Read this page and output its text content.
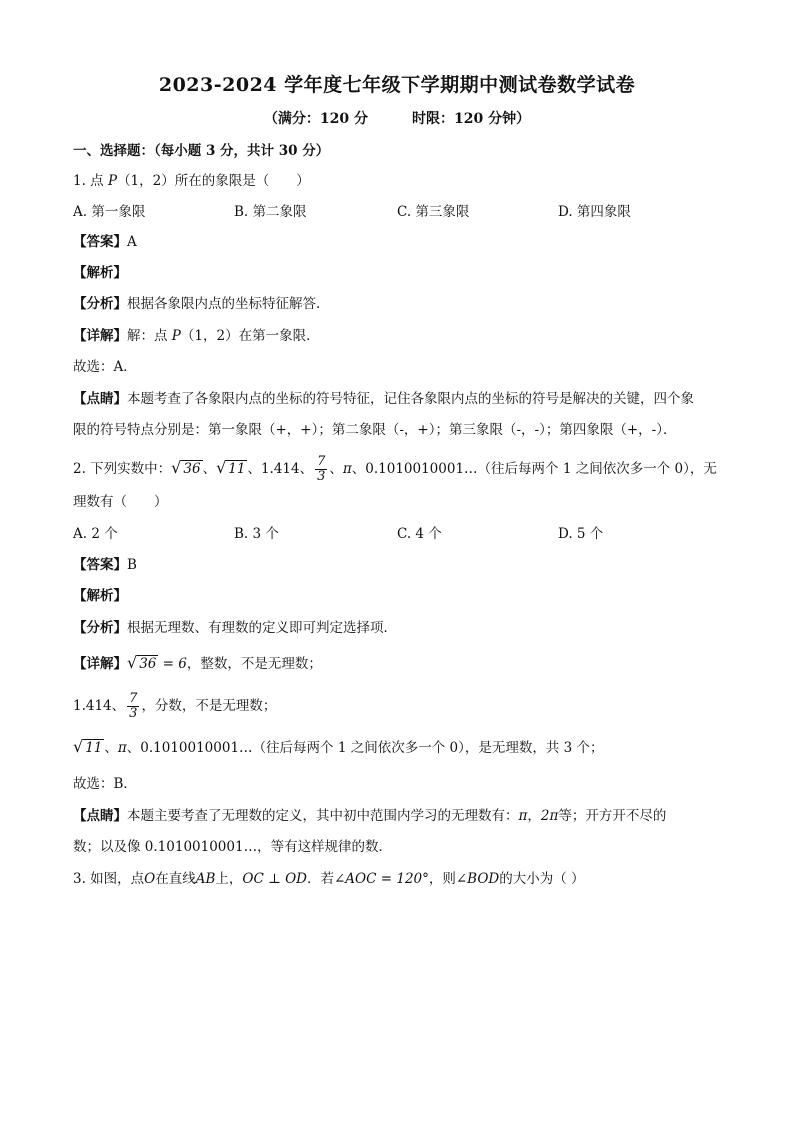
2023-2024 学年度七年级下学期期中测试卷数学试卷
（满分：120 分	时限：120 分钟）
一、选择题：（每小题 3 分，共计 30 分）
1. 点 P（1，2）所在的象限是（　　）
A. 第一象限	B. 第二象限	C. 第三象限	D. 第四象限
【答案】A
【解析】
【分析】根据各象限内点的坐标特征解答．
【详解】解：点 P（1，2）在第一象限．
故选：A．
【点睛】本题考查了各象限内点的坐标的符号特征，记住各象限内点的坐标的符号是解决的关键，四个象
限的符号特点分别是：第一象限（+，+）；第二象限（-，+）；第三象限（-，-）；第四象限（+，-）．
2. 下列实数中：√ 36 、√ 11 、1.414、 $\frac{7}{3}$ 、π、0.1010010001…（往后每两个 1 之间依次多一个 0），无
理数有（　　）
A. 2 个	B. 3 个	C. 4 个	D. 5 个
【答案】B
【解析】
【分析】根据无理数、有理数的定义即可判定选择项．
【详解】√ 36 = 6，整数，不是无理数；
1.414、 $\frac{7}{3}$ ，分数，不是无理数；
√ 11 、π、0.1010010001…（往后每两个 1 之间依次多一个 0），是无理数，共 3 个；
故选：B．
【点睛】本题主要考查了无理数的定义，其中初中范围内学习的无理数有：π，2π等；开方开不尽的
数；以及像 0.1010010001…，等有这样规律的数．
3. 如图，点O在直线AB上，OC ⊥ OD．若∠AOC = 120°，则∠BOD的大小为（ ）
